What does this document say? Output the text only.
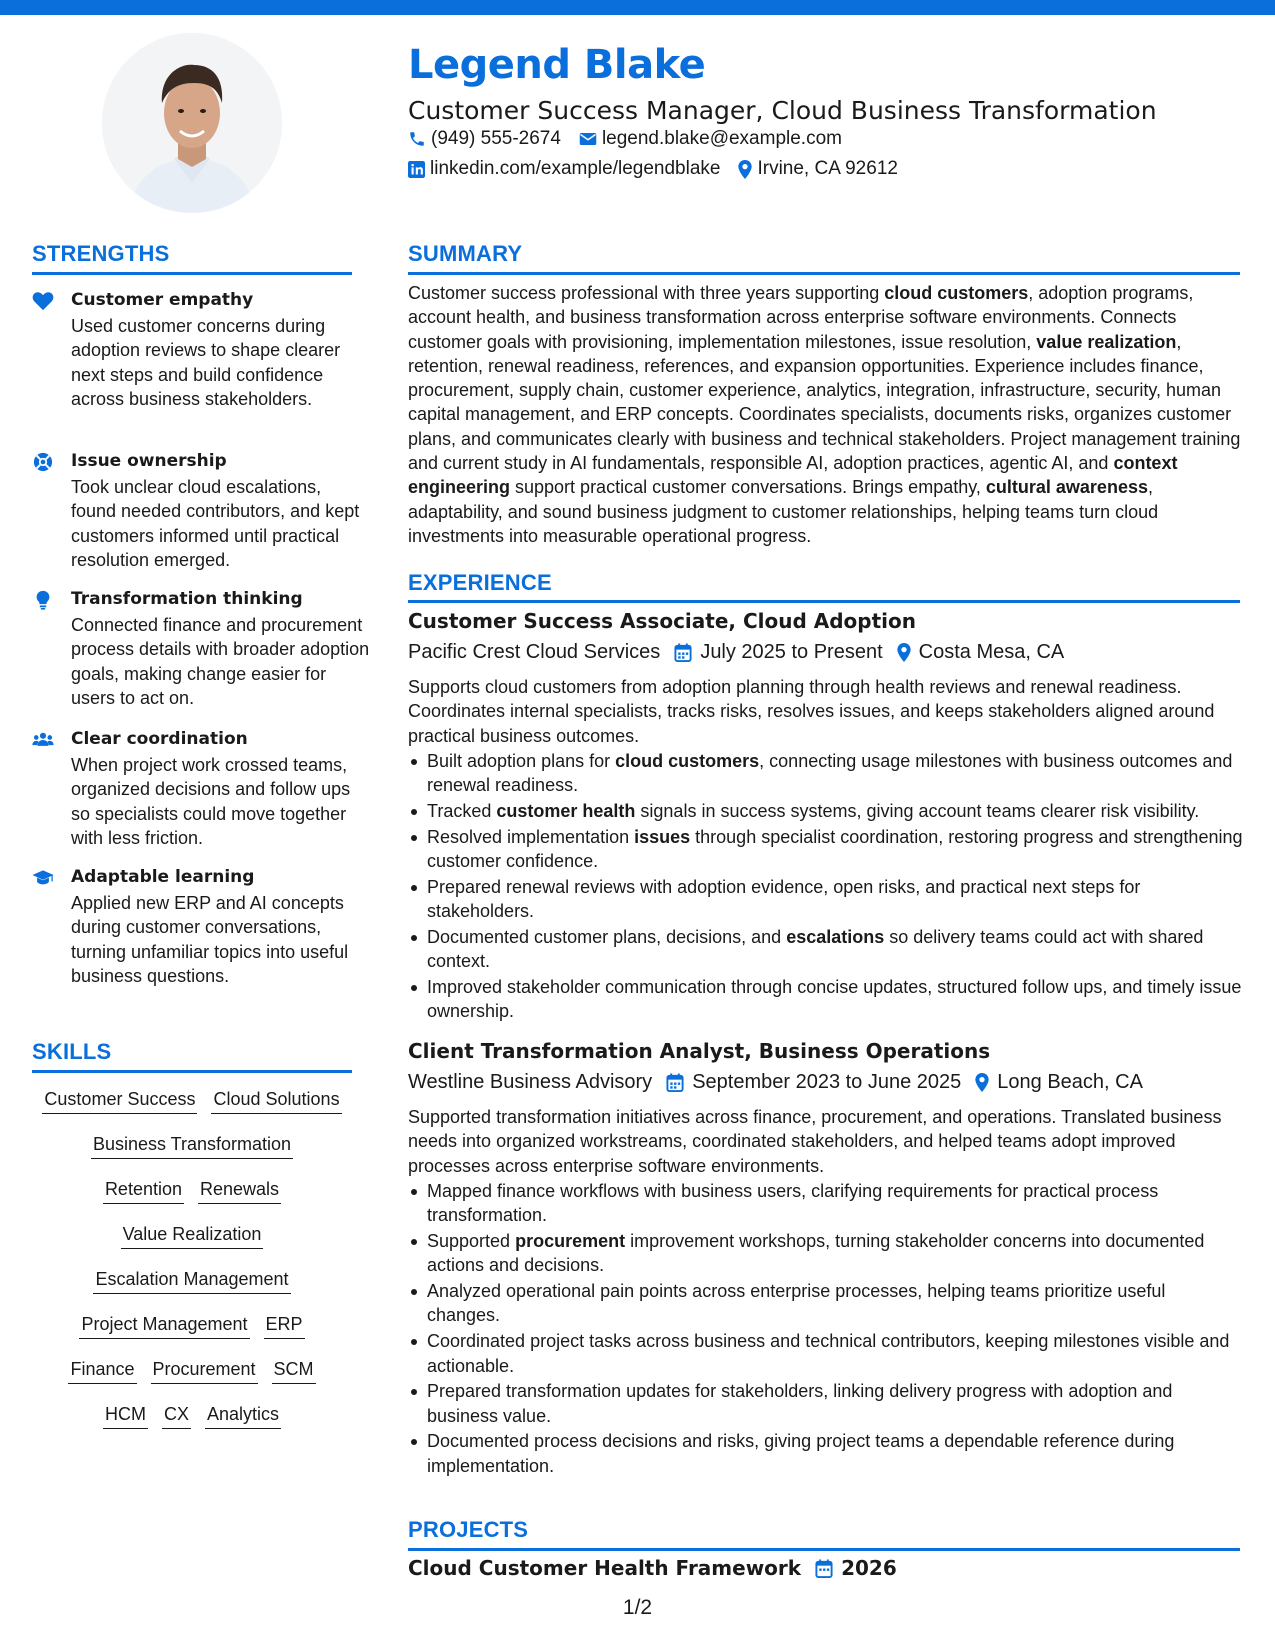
Legend Blake
Customer Success Manager, Cloud Business Transformation
(949) 555-2674 legend.blake@example.com
linkedin.com/example/legendblake Irvine, CA 92612
STRENGTHS
Customer empathy
Used customer concerns during adoption reviews to shape clearer next steps and build confidence across business stakeholders.
Issue ownership
Took unclear cloud escalations, found needed contributors, and kept customers informed until practical resolution emerged.
Transformation thinking
Connected finance and procurement process details with broader adoption goals, making change easier for users to act on.
Clear coordination
When project work crossed teams, organized decisions and follow ups so specialists could move together with less friction.
Adaptable learning
Applied new ERP and AI concepts during customer conversations, turning unfamiliar topics into useful business questions.
SKILLS
Customer Success Cloud Solutions
Business Transformation
Retention Renewals
Value Realization
Escalation Management
Project Management ERP
Finance Procurement SCM
HCM CX Analytics
SUMMARY
Customer success professional with three years supporting cloud customers, adoption programs, account health, and business transformation across enterprise software environments. Connects customer goals with provisioning, implementation milestones, issue resolution, value realization, retention, renewal readiness, references, and expansion opportunities. Experience includes finance, procurement, supply chain, customer experience, analytics, integration, infrastructure, security, human capital management, and ERP concepts. Coordinates specialists, documents risks, organizes customer plans, and communicates clearly with business and technical stakeholders. Project management training and current study in AI fundamentals, responsible AI, adoption practices, agentic AI, and context engineering support practical customer conversations. Brings empathy, cultural awareness, adaptability, and sound business judgment to customer relationships, helping teams turn cloud investments into measurable operational progress.
EXPERIENCE
Customer Success Associate, Cloud Adoption
Pacific Crest Cloud Services July 2025 to Present Costa Mesa, CA
Supports cloud customers from adoption planning through health reviews and renewal readiness. Coordinates internal specialists, tracks risks, resolves issues, and keeps stakeholders aligned around practical business outcomes.
Built adoption plans for cloud customers, connecting usage milestones with business outcomes and renewal readiness.
Tracked customer health signals in success systems, giving account teams clearer risk visibility.
Resolved implementation issues through specialist coordination, restoring progress and strengthening customer confidence.
Prepared renewal reviews with adoption evidence, open risks, and practical next steps for stakeholders.
Documented customer plans, decisions, and escalations so delivery teams could act with shared context.
Improved stakeholder communication through concise updates, structured follow ups, and timely issue ownership.
Client Transformation Analyst, Business Operations
Westline Business Advisory September 2023 to June 2025 Long Beach, CA
Supported transformation initiatives across finance, procurement, and operations. Translated business needs into organized workstreams, coordinated stakeholders, and helped teams adopt improved processes across enterprise software environments.
Mapped finance workflows with business users, clarifying requirements for practical process transformation.
Supported procurement improvement workshops, turning stakeholder concerns into documented actions and decisions.
Analyzed operational pain points across enterprise processes, helping teams prioritize useful changes.
Coordinated project tasks across business and technical contributors, keeping milestones visible and actionable.
Prepared transformation updates for stakeholders, linking delivery progress with adoption and business value.
Documented process decisions and risks, giving project teams a dependable reference during implementation.
PROJECTS
Cloud Customer Health Framework 2026
1/2
